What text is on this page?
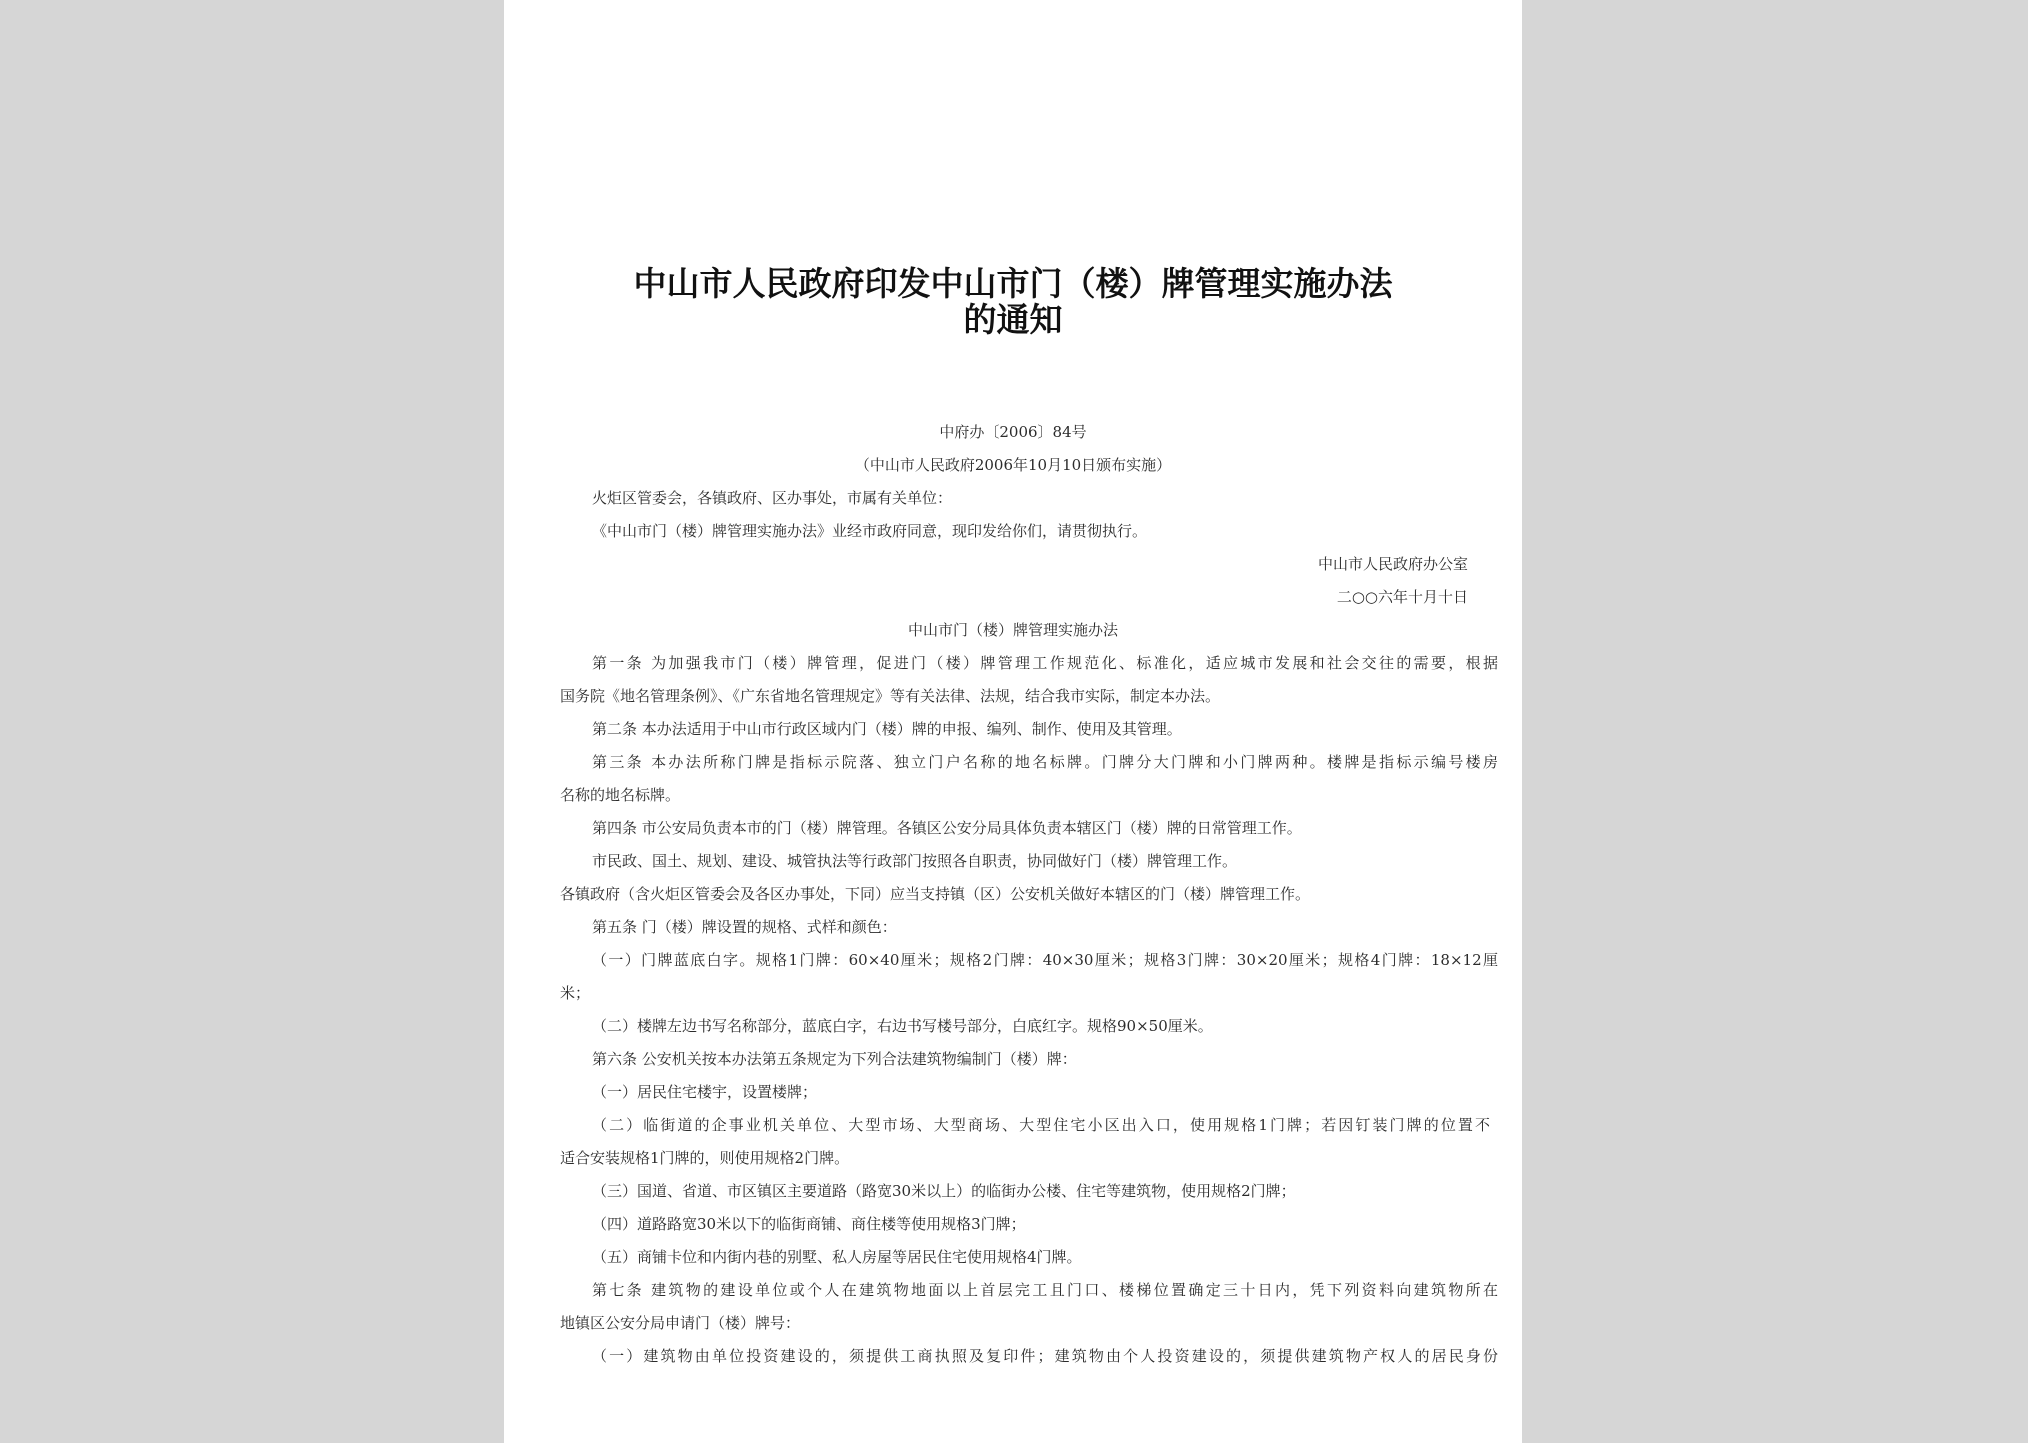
中山市人民政府印发中山市门（楼）牌管理实施办法
的通知
中府办〔2006〕84号
（中山市人民政府2006年10月10日颁布实施）
火炬区管委会，各镇政府、区办事处，市属有关单位：
《中山市门（楼）牌管理实施办法》业经市政府同意，现印发给你们，请贯彻执行。
中山市人民政府办公室
二○○六年十月十日
中山市门（楼）牌管理实施办法
第一条 为加强我市门（楼）牌管理，促进门（楼）牌管理工作规范化、标准化，适应城市发展和社会交往的需要，根据
国务院《地名管理条例》、《广东省地名管理规定》等有关法律、法规，结合我市实际，制定本办法。
第二条 本办法适用于中山市行政区域内门（楼）牌的申报、编列、制作、使用及其管理。
第三条 本办法所称门牌是指标示院落、独立门户名称的地名标牌。门牌分大门牌和小门牌两种。楼牌是指标示编号楼房
名称的地名标牌。
第四条 市公安局负责本市的门（楼）牌管理。各镇区公安分局具体负责本辖区门（楼）牌的日常管理工作。
市民政、国土、规划、建设、城管执法等行政部门按照各自职责，协同做好门（楼）牌管理工作。
各镇政府（含火炬区管委会及各区办事处，下同）应当支持镇（区）公安机关做好本辖区的门（楼）牌管理工作。
第五条 门（楼）牌设置的规格、式样和颜色：
（一）门牌蓝底白字。规格1门牌：60×40厘米；规格2门牌：40×30厘米；规格3门牌：30×20厘米；规格4门牌：18×12厘
米；
（二）楼牌左边书写名称部分，蓝底白字，右边书写楼号部分，白底红字。规格90×50厘米。
第六条 公安机关按本办法第五条规定为下列合法建筑物编制门（楼）牌：
（一）居民住宅楼宇，设置楼牌；
（二）临街道的企事业机关单位、大型市场、大型商场、大型住宅小区出入口，使用规格1门牌；若因钉装门牌的位置不
适合安装规格1门牌的，则使用规格2门牌。
（三）国道、省道、市区镇区主要道路（路宽30米以上）的临街办公楼、住宅等建筑物，使用规格2门牌；
（四）道路路宽30米以下的临街商铺、商住楼等使用规格3门牌；
（五）商铺卡位和内街内巷的别墅、私人房屋等居民住宅使用规格4门牌。
第七条 建筑物的建设单位或个人在建筑物地面以上首层完工且门口、楼梯位置确定三十日内，凭下列资料向建筑物所在
地镇区公安分局申请门（楼）牌号：
（一）建筑物由单位投资建设的，须提供工商执照及复印件；建筑物由个人投资建设的，须提供建筑物产权人的居民身份
